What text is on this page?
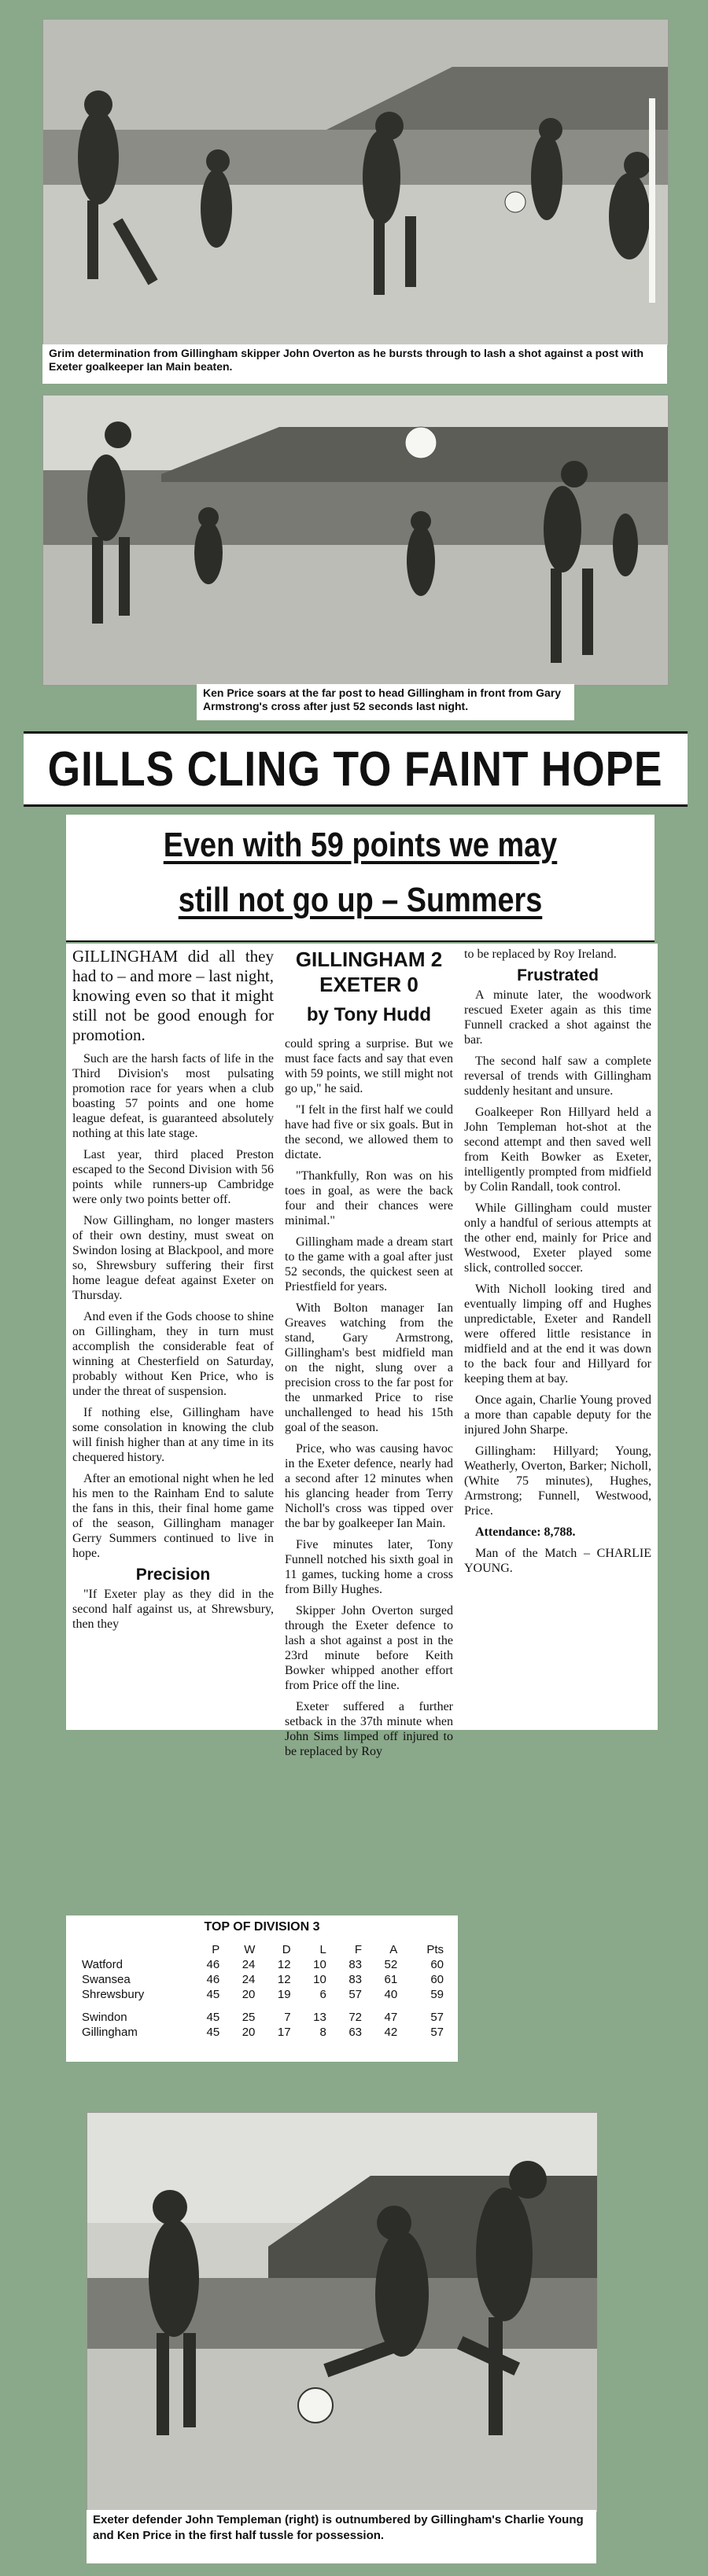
Grim determination from Gillingham skipper John Overton as he bursts through to lash a shot against a post with Exeter goalkeeper Ian Main beaten.
Ken Price soars at the far post to head Gillingham in front from Gary Armstrong's cross after just 52 seconds last night.
GILLS CLING TO FAINT HOPE
Even with 59 points we may
still not go up – Summers

GILLINGHAM did all they had to – and more – last night, knowing even so that it might still not be good enough for promotion.

Such are the harsh facts of life in the Third Division's most pulsating promotion race for years when a club boasting 57 points and one home league defeat, is guaranteed absolutely nothing at this late stage.

Last year, third placed Preston escaped to the Second Division with 56 points while runners-up Cambridge were only two points better off.

Now Gillingham, no longer masters of their own destiny, must sweat on Swindon losing at Blackpool, and more so, Shrewsbury suffering their first home league defeat against Exeter on Thursday.

And even if the Gods choose to shine on Gillingham, they in turn must accomplish the considerable feat of winning at Chesterfield on Saturday, probably without Ken Price, who is under the threat of suspension.

If nothing else, Gillingham have some consolation in knowing the club will finish higher than at any time in its chequered history.

After an emotional night when he led his men to the Rainham End to salute the fans in this, their final home game of the season, Gillingham manager Gerry Summers continued to live in hope.

Precision

"If Exeter play as they did in the second half against us, at Shrewsbury, then they

GILLINGHAM 2
EXETER 0
by Tony Hudd

could spring a surprise. But we must face facts and say that even with 59 points, we still might not go up," he said.

"I felt in the first half we could have had five or six goals. But in the second, we allowed them to dictate.

"Thankfully, Ron was on his toes in goal, as were the back four and their chances were minimal."

Gillingham made a dream start to the game with a goal after just 52 seconds, the quickest seen at Priestfield for years.

With Bolton manager Ian Greaves watching from the stand, Gary Armstrong, Gillingham's best midfield man on the night, slung over a precision cross to the far post for the unmarked Price to rise unchallenged to head his 15th goal of the season.

Price, who was causing havoc in the Exeter defence, nearly had a second after 12 minutes when his glancing header from Terry Nicholl's cross was tipped over the bar by goalkeeper Ian Main.

Five minutes later, Tony Funnell notched his sixth goal in 11 games, tucking home a cross from Billy Hughes.

Skipper John Overton surged through the Exeter defence to lash a shot against a post in the 23rd minute before Keith Bowker whipped another effort from Price off the line.

Exeter suffered a further setback in the 37th minute when John Sims limped off injured to be replaced by Roy

to be replaced by Roy Ireland.

Frustrated

A minute later, the woodwork rescued Exeter again as this time Funnell cracked a shot against the bar.

The second half saw a complete reversal of trends with Gillingham suddenly hesitant and unsure.

Goalkeeper Ron Hillyard held a John Templeman hot-shot at the second attempt and then saved well from Keith Bowker as Exeter, intelligently prompted from midfield by Colin Randall, took control.

While Gillingham could muster only a handful of serious attempts at the other end, mainly for Price and Westwood, Exeter played some slick, controlled soccer.

With Nicholl looking tired and eventually limping off and Hughes unpredictable, Exeter and Randell were offered little resistance in midfield and at the end it was down to the back four and Hillyard for keeping them at bay.

Once again, Charlie Young proved a more than capable deputy for the injured John Sharpe.

Gillingham: Hillyard; Young, Weatherly, Overton, Barker; Nicholl, (White 75 minutes), Hughes, Armstrong; Funnell, Westwood, Price.

Attendance: 8,788.

Man of the Match – CHARLIE YOUNG.

TOP OF DIVISION 3
	P	W	D	L	F	A	Pts
Watford	46	24	12	10	83	52	60
Swansea	46	24	12	10	83	61	60
Shrewsbury	45	20	19	6	57	40	59
Swindon	45	25	7	13	72	47	57
Gillingham	45	20	17	8	63	42	57
Exeter defender John Templeman (right) is outnumbered by Gillingham's Charlie Young and Ken Price in the first half tussle for possession.
